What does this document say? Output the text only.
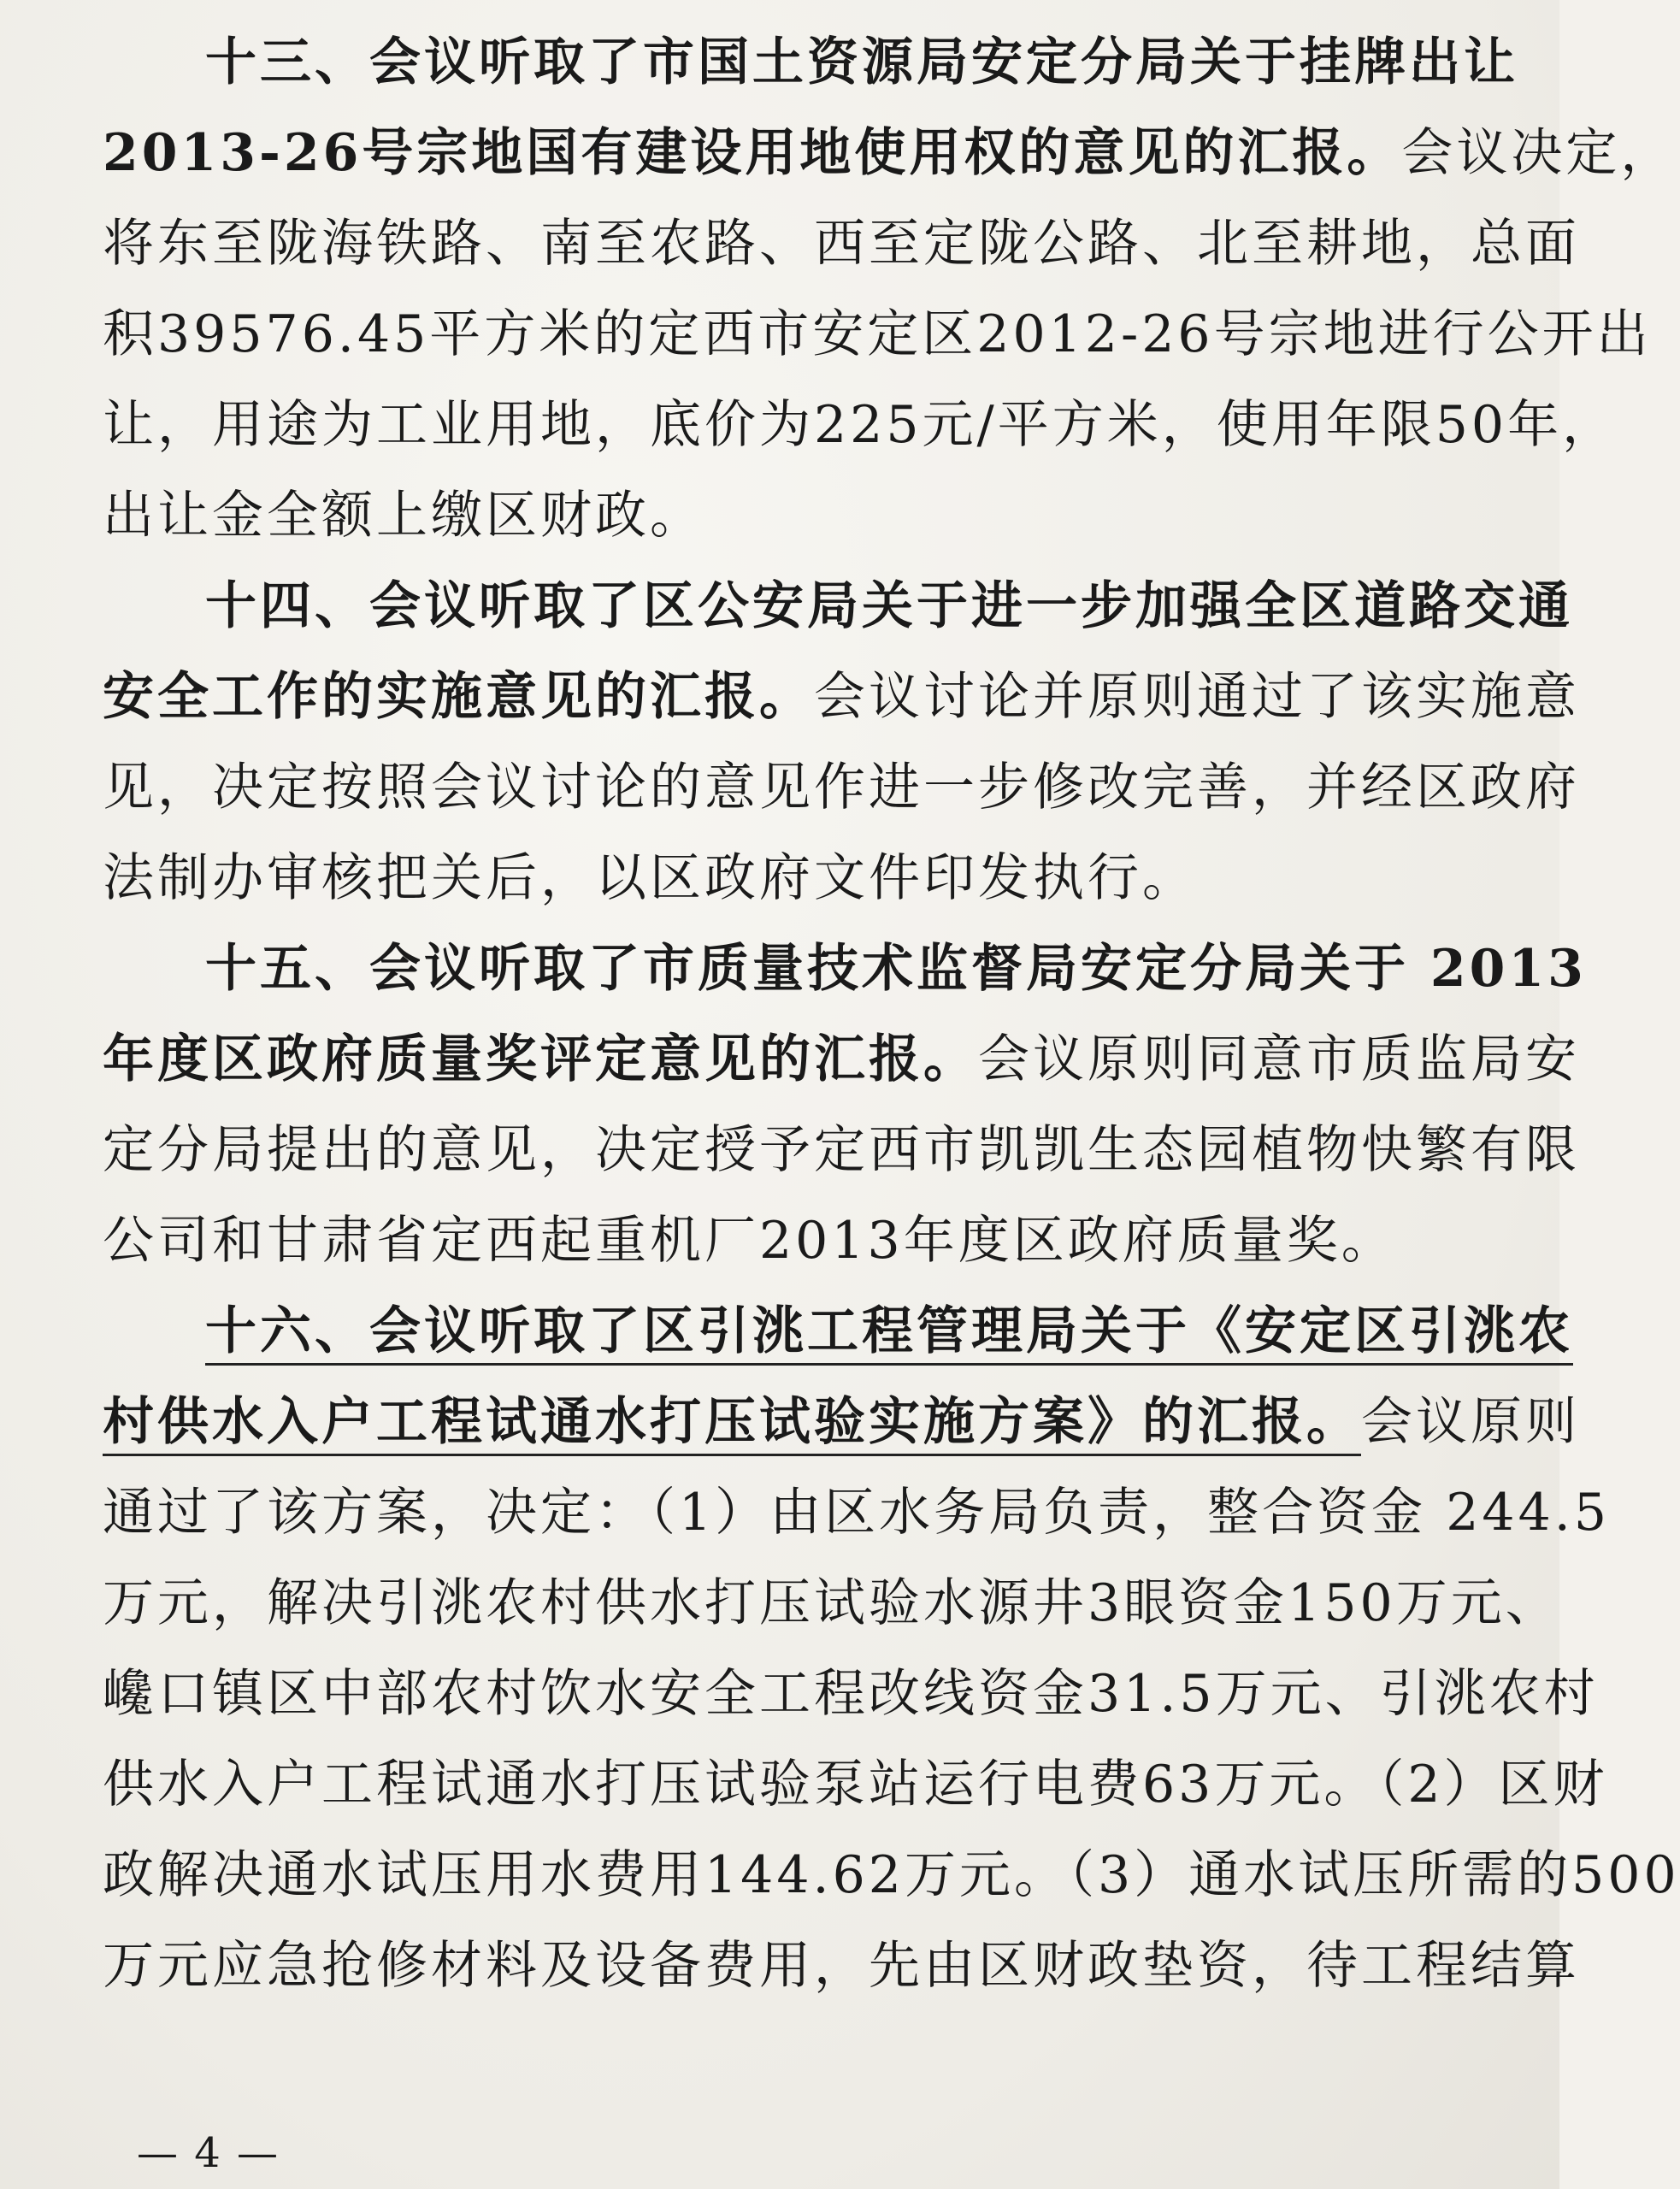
十三、会议听取了市国土资源局安定分局关于挂牌出让
2013-26号宗地国有建设用地使用权的意见的汇报。会议决定，
将东至陇海铁路、南至农路、西至定陇公路、北至耕地，总面
积39576.45平方米的定西市安定区2012-26号宗地进行公开出
让，用途为工业用地，底价为225元/平方米，使用年限50年，
出让金全额上缴区财政。
十四、会议听取了区公安局关于进一步加强全区道路交通
安全工作的实施意见的汇报。会议讨论并原则通过了该实施意
见，决定按照会议讨论的意见作进一步修改完善，并经区政府
法制办审核把关后，以区政府文件印发执行。
十五、会议听取了市质量技术监督局安定分局关于 2013
年度区政府质量奖评定意见的汇报。会议原则同意市质监局安
定分局提出的意见，决定授予定西市凯凯生态园植物快繁有限
公司和甘肃省定西起重机厂2013年度区政府质量奖。
十六、会议听取了区引洮工程管理局关于《安定区引洮农
村供水入户工程试通水打压试验实施方案》的汇报。会议原则
通过了该方案，决定：（1）由区水务局负责，整合资金 244.5
万元，解决引洮农村供水打压试验水源井3眼资金150万元、
巉口镇区中部农村饮水安全工程改线资金31.5万元、引洮农村
供水入户工程试通水打压试验泵站运行电费63万元。（2）区财
政解决通水试压用水费用144.62万元。（3）通水试压所需的500
万元应急抢修材料及设备费用，先由区财政垫资，待工程结算
— 4 —
